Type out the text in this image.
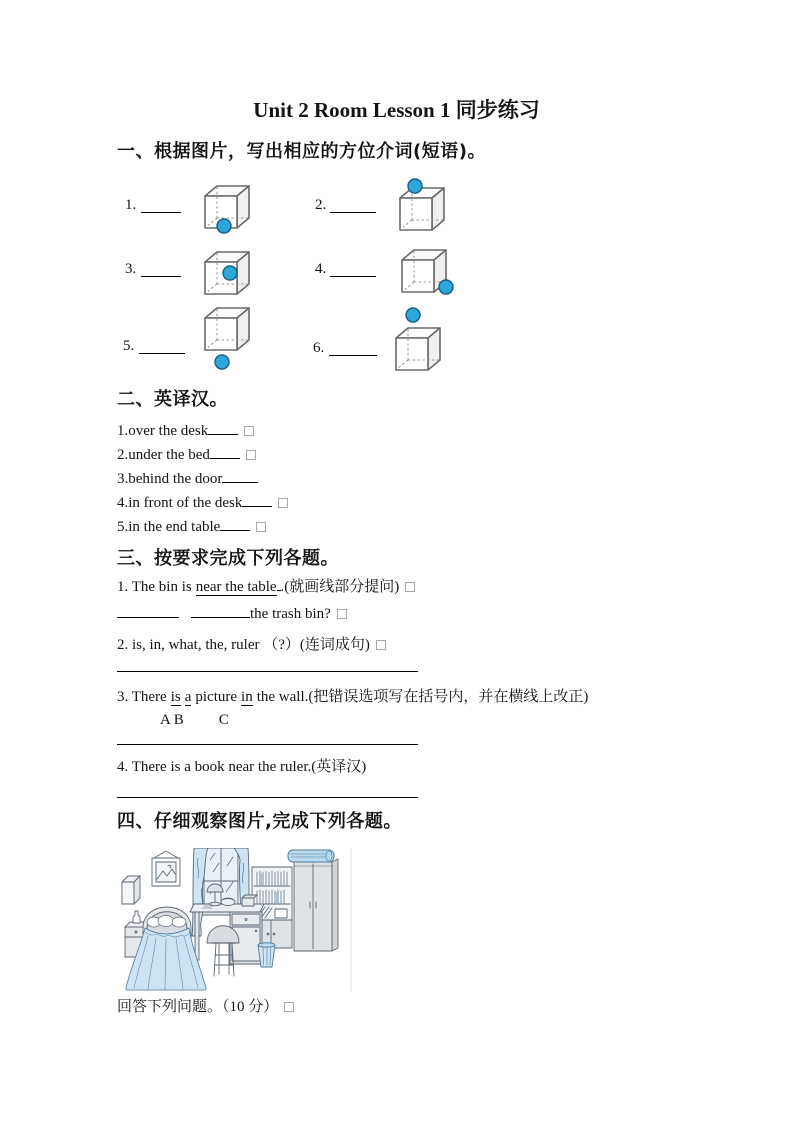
Unit 2 Room Lesson 1 同步练习
一、根据图片，写出相应的方位介词(短语)。
1.	2.
3.	4.
5.	6.
二、英译汉。
1.over the desk
2.under the bed
3.behind the door
4.in front of the desk
5.in the end table
三、按要求完成下列各题。
1. The bin is near the table .(就画线部分提问)
the trash bin?
2. is, in, what, the, ruler （?）(连词成句)
3. There is a picture in the wall.(把错误选项写在括号内，并在横线上改正)
A B C
4. There is a book near the ruler.(英译汉)
四、仔细观察图片,完成下列各题。
回答下列问题。（10 分）
